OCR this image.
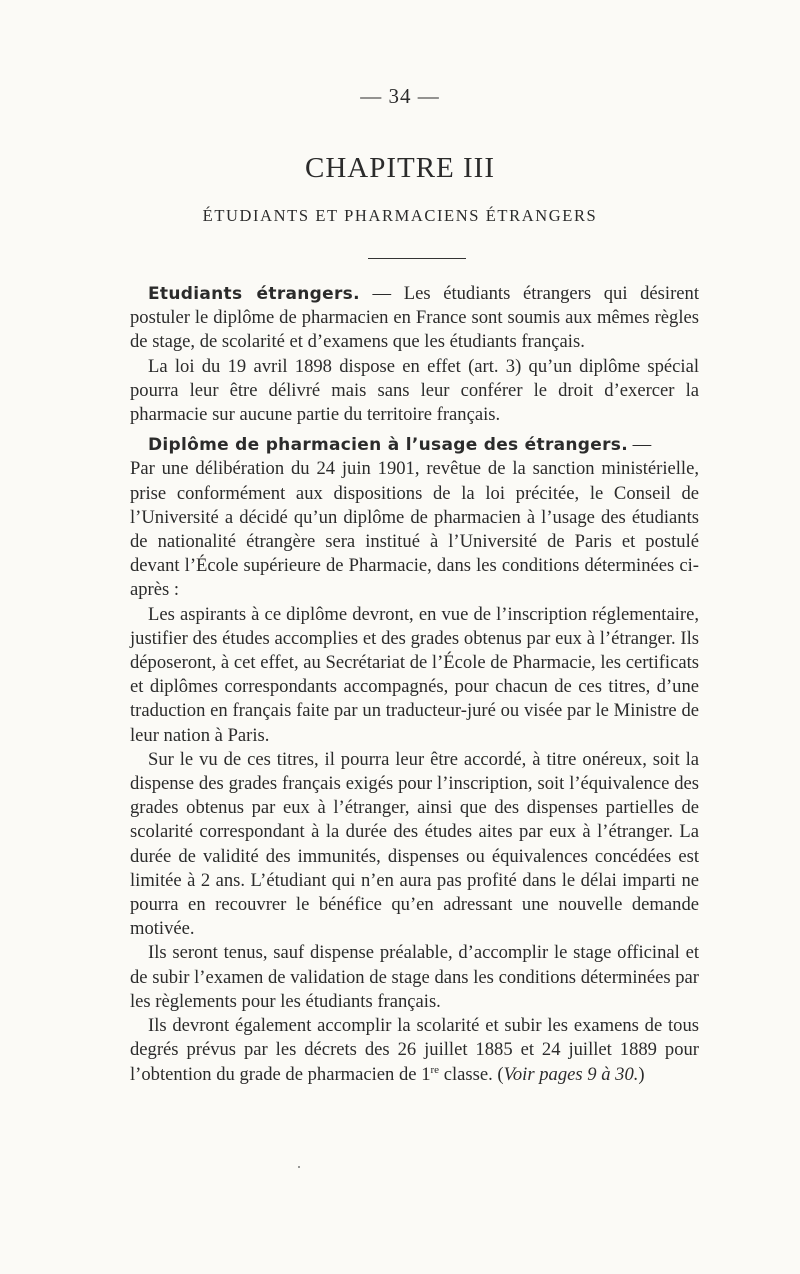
— 34 —
CHAPITRE III
ÉTUDIANTS ET PHARMACIENS ÉTRANGERS

Etudiants étrangers. — Les étudiants étrangers qui désirent postuler le diplôme de pharmacien en France sont soumis aux mêmes règles de stage, de scolarité et d’examens que les étudiants français.

La loi du 19 avril 1898 dispose en effet (art. 3) qu’un diplôme spécial pourra leur être délivré mais sans leur conférer le droit d’exercer la pharmacie sur aucune partie du territoire français.

Diplôme de pharmacien à l’usage des étrangers. —

Par une délibération du 24 juin 1901, revêtue de la sanction ministérielle, prise conformément aux dispositions de la loi précitée, le Conseil de l’Université a décidé qu’un diplôme de pharmacien à l’usage des étudiants de nationalité étrangère sera institué à l’Université de Paris et postulé devant l’École supérieure de Pharmacie, dans les conditions déterminées ci-après :

Les aspirants à ce diplôme devront, en vue de l’inscription réglementaire, justifier des études accomplies et des grades obtenus par eux à l’étranger. Ils déposeront, à cet effet, au Secrétariat de l’École de Pharmacie, les certificats et diplômes correspondants accompagnés, pour chacun de ces titres, d’une traduction en français faite par un traducteur-juré ou visée par le Ministre de leur nation à Paris.

Sur le vu de ces titres, il pourra leur être accordé, à titre onéreux, soit la dispense des grades français exigés pour l’inscription, soit l’équivalence des grades obtenus par eux à l’étranger, ainsi que des dispenses partielles de scolarité correspondant à la durée des études aites par eux à l’étranger. La durée de validité des immunités, dispenses ou équivalences concédées est limitée à 2 ans. L’étudiant qui n’en aura pas profité dans le délai imparti ne pourra en recouvrer le bénéfice qu’en adressant une nouvelle demande motivée.

Ils seront tenus, sauf dispense préalable, d’accomplir le stage officinal et de subir l’examen de validation de stage dans les conditions déterminées par les règlements pour les étudiants français.

Ils devront également accomplir la scolarité et subir les examens de tous degrés prévus par les décrets des 26 juillet 1885 et 24 juillet 1889 pour l’obtention du grade de pharmacien de 1re classe. (Voir pages 9 à 30.)
